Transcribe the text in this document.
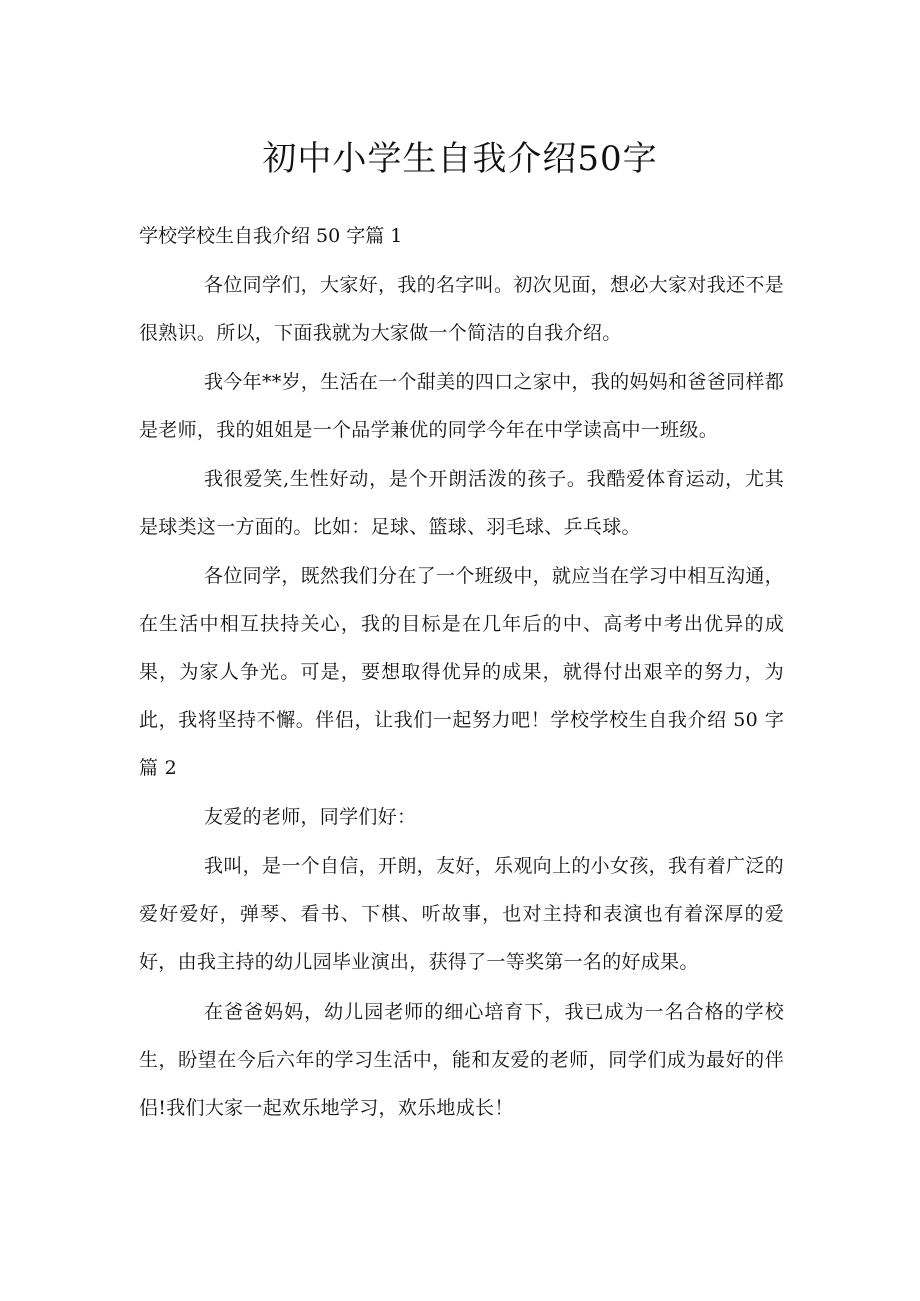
初中小学生自我介绍50字

学校学校生自我介绍 50 字篇 1

各位同学们，大家好，我的名字叫。初次见面，想必大家对我还不是很熟识。所以，下面我就为大家做一个简洁的自我介绍。

我今年**岁，生活在一个甜美的四口之家中，我的妈妈和爸爸同样都是老师，我的姐姐是一个品学兼优的同学今年在中学读高中一班级。

我很爱笑,生性好动，是个开朗活泼的孩子。我酷爱体育运动，尤其是球类这一方面的。比如：足球、篮球、羽毛球、乒乓球。

各位同学，既然我们分在了一个班级中，就应当在学习中相互沟通，在生活中相互扶持关心，我的目标是在几年后的中、高考中考出优异的成果，为家人争光。可是，要想取得优异的成果，就得付出艰辛的努力，为此，我将坚持不懈。伴侣，让我们一起努力吧！学校学校生自我介绍 50 字篇 2

友爱的老师，同学们好：

我叫，是一个自信，开朗，友好，乐观向上的小女孩，我有着广泛的爱好爱好，弹琴、看书、下棋、听故事，也对主持和表演也有着深厚的爱好，由我主持的幼儿园毕业演出，获得了一等奖第一名的好成果。

在爸爸妈妈，幼儿园老师的细心培育下，我已成为一名合格的学校生，盼望在今后六年的学习生活中，能和友爱的老师，同学们成为最好的伴侣!我们大家一起欢乐地学习，欢乐地成长！
